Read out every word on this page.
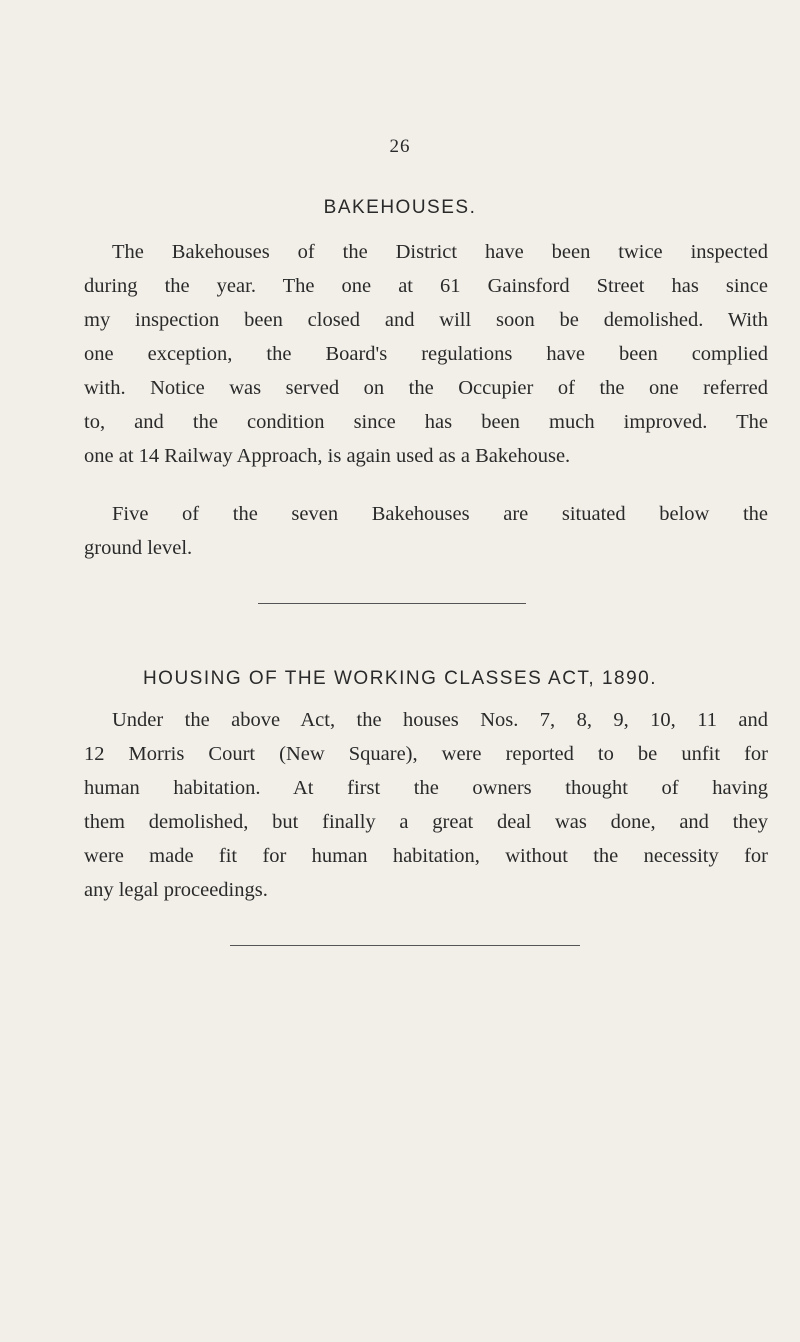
26
BAKEHOUSES.

The Bakehouses of the District have been twice inspected
during the year. The one at 61 Gainsford Street has since
my inspection been closed and will soon be demolished. With
one exception, the Board's regulations have been complied
with. Notice was served on the Occupier of the one referred
to, and the condition since has been much improved. The
one at 14 Railway Approach, is again used as a Bakehouse.

Five of the seven Bakehouses are situated below the
ground level.

HOUSING OF THE WORKING CLASSES ACT, 1890.

Under the above Act, the houses Nos. 7, 8, 9, 10, 11 and
12 Morris Court (New Square), were reported to be unfit for
human habitation. At first the owners thought of having
them demolished, but finally a great deal was done, and they
were made fit for human habitation, without the necessity for
any legal proceedings.
